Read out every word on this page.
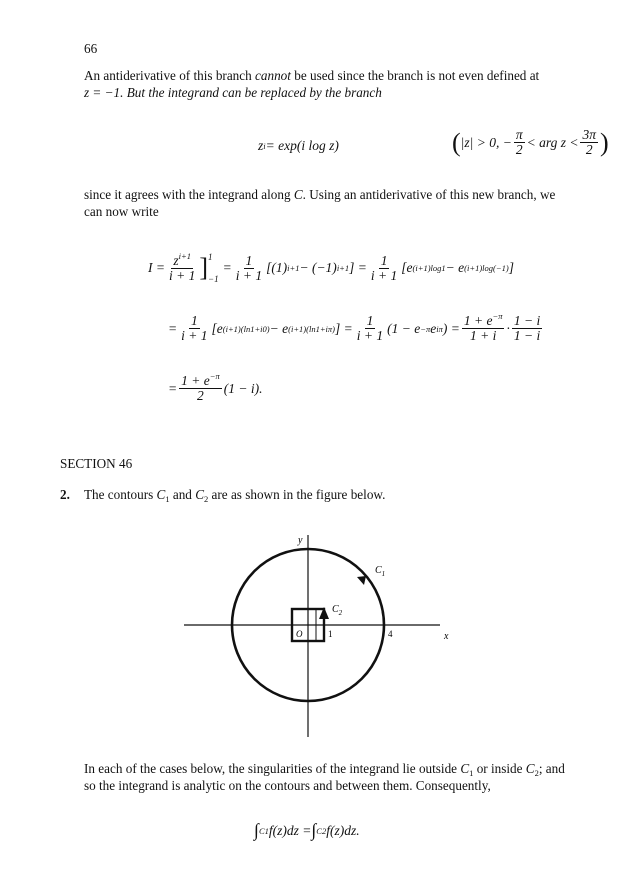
66
An antiderivative of this branch cannot be used since the branch is not even defined at
z = −1. But the integrand can be replaced by the branch
z i = exp(i log z)	( |z| > 0, − $\frac{\pi}{2}$ < arg $z < \frac{3\pi}{2}$ )
since it agrees with the integrand along C. Using an antiderivative of this new branch, we
can now write
$I = \frac{z^{i+1}}{i + 1}$ ] 1
−1
= $\frac{1}{i + 1} [(1) i+1 - (-1)$ i+1 ] = $\frac{1}{i + 1} [e$ (i+1)log1 − e (i+1)log(−1) ]
= $\frac{1}{i + 1} [e$ (i+1)(ln1+i0) − e (i+1)(ln1+iπ) ] = $\frac{1}{i + 1} (1 - e -\pi$ e iπ ) = $\frac{1 + e^{-\pi}}{1 + i} \cdot \frac{1 - i}{1 - i}$
= $\frac{1 + e^{-\pi}}{2} (1 - i)$.
SECTION 46
2. The contours $C_1$ and $C_2$ are as shown in the figure below.
y
x
$C_1$
$C_2$
O	1	4
In each of the cases below, the singularities of the integrand lie outside $C_1$ or inside $C_2$; and
so the integrand is analytic on the contours and between them. Consequently,
∫ C1 f(z)dz = ∫ C2 f(z)dz.
